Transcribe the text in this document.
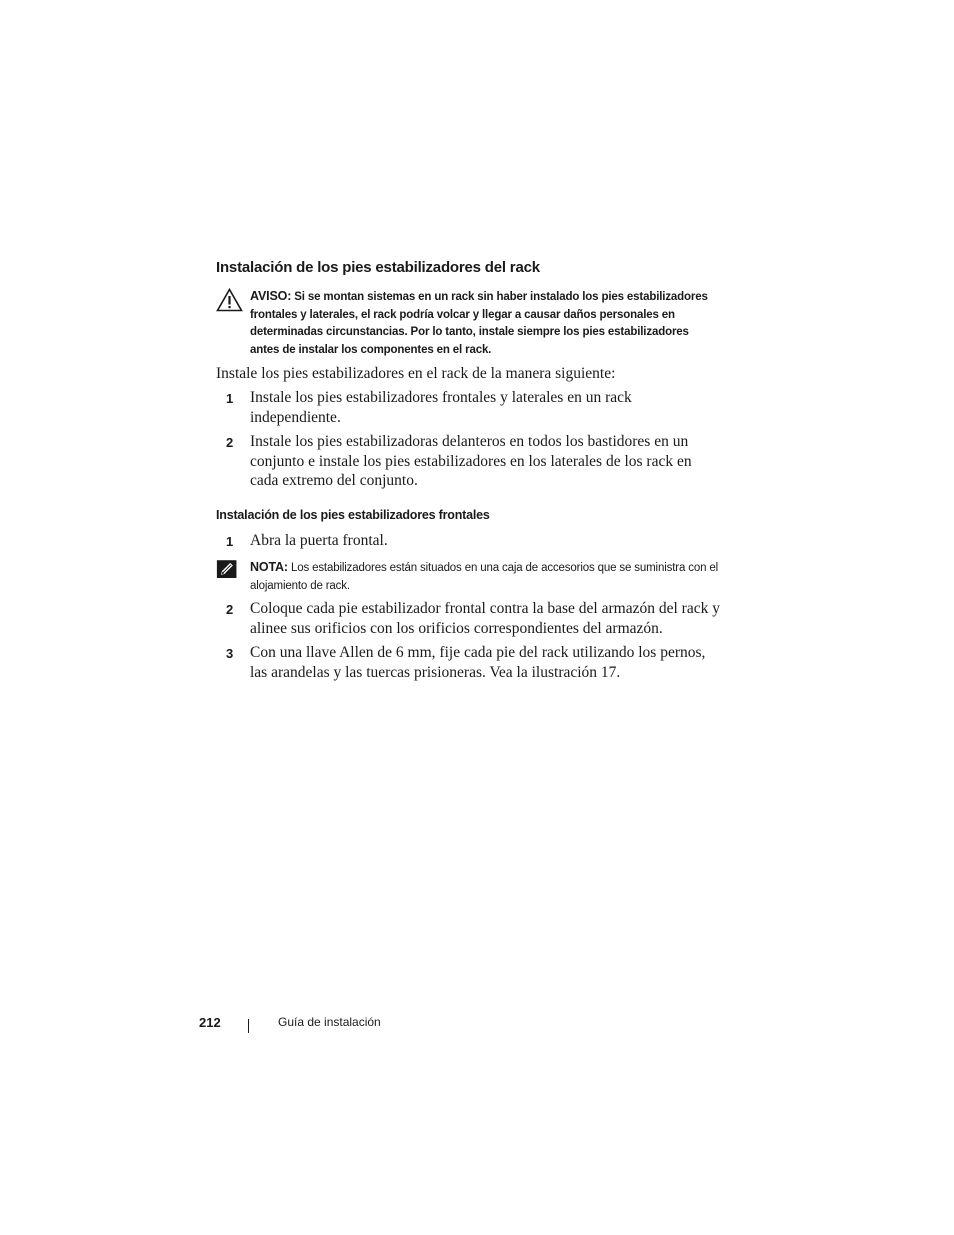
Instalación de los pies estabilizadores del rack
AVISO: Si se montan sistemas en un rack sin haber instalado los pies estabilizadores frontales y laterales, el rack podría volcar y llegar a causar daños personales en determinadas circunstancias. Por lo tanto, instale siempre los pies estabilizadores antes de instalar los componentes en el rack.

Instale los pies estabilizadores en el rack de la manera siguiente:

1 Instale los pies estabilizadores frontales y laterales en un rack independiente.

2 Instale los pies estabilizadoras delanteros en todos los bastidores en un conjunto e instale los pies estabilizadores en los laterales de los rack en cada extremo del conjunto.

Instalación de los pies estabilizadores frontales
1 Abra la puerta frontal.

NOTA: Los estabilizadores están situados en una caja de accesorios que se suministra con el alojamiento de rack.
2 Coloque cada pie estabilizador frontal contra la base del armazón del rack y alinee sus orificios con los orificios correspondientes del armazón.

3 Con una llave Allen de 6 mm, fije cada pie del rack utilizando los pernos, las arandelas y las tuercas prisioneras. Vea la ilustración 17.

212	Guía de instalación
